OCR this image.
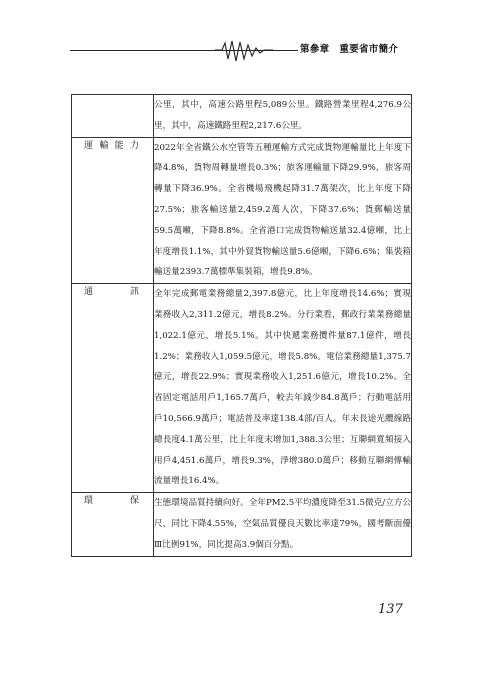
第參章 重要省市簡介
	公里，其中，高速公路里程5,089公里。鐵路營業里程4,276.9公里，其中，高速鐵路里程2,217.6公里。

運輸能力	2022年全省鐵公水空管等五種運輸方式完成貨物運輸量比上年度下降4.8%，貨物周轉量增長0.3%；旅客運輸量下降29.9%，旅客周轉量下降36.9%。全省機場飛機起降31.7萬架次，比上年度下降27.5%；旅客輸送量2,459.2萬人次，下降37.6%；貨郵輸送量59.5萬噸，下降8.8%。全省港口完成貨物輸送量32.4億噸，比上年度增長1.1%，其中外貿貨物輸送量5.6億噸，下降6.6%；集裝箱輸送量2393.7萬標準集裝箱，增長9.8%。

通訊	全年完成郵電業務總量2,397.8億元，比上年度增長14.6%；實現業務收入2,311.2億元，增長8.2%。分行業看，郵政行業業務總量1,022.1億元，增長5.1%。其中快遞業務攬件量87.1億件，增長1.2%；業務收入1,059.5億元，增長5.8%。電信業務總量1,375.7億元，增長22.9%；實現業務收入1,251.6億元，增長10.2%。全省固定電話用戶1,165.7萬戶，較去年減少84.8萬戶；行動電話用戶10,566.9萬戶；電話普及率達138.4部/百人。年末長途光纜線路總長度4.1萬公里，比上年度末增加1,388.3公里；互聯網寬頻接入用戶4,451.6萬戶，增長9.3%，淨增380.0萬戶；移動互聯網傳輸流量增長16.4%。

環保	生態環境品質持續向好。全年PM2.5平均濃度降至31.5微克/立方公尺，同比下降4.55%，空氣品質優良天數比率達79%，國考斷面優Ⅲ比例91%，同比提高3.9個百分點。
137
